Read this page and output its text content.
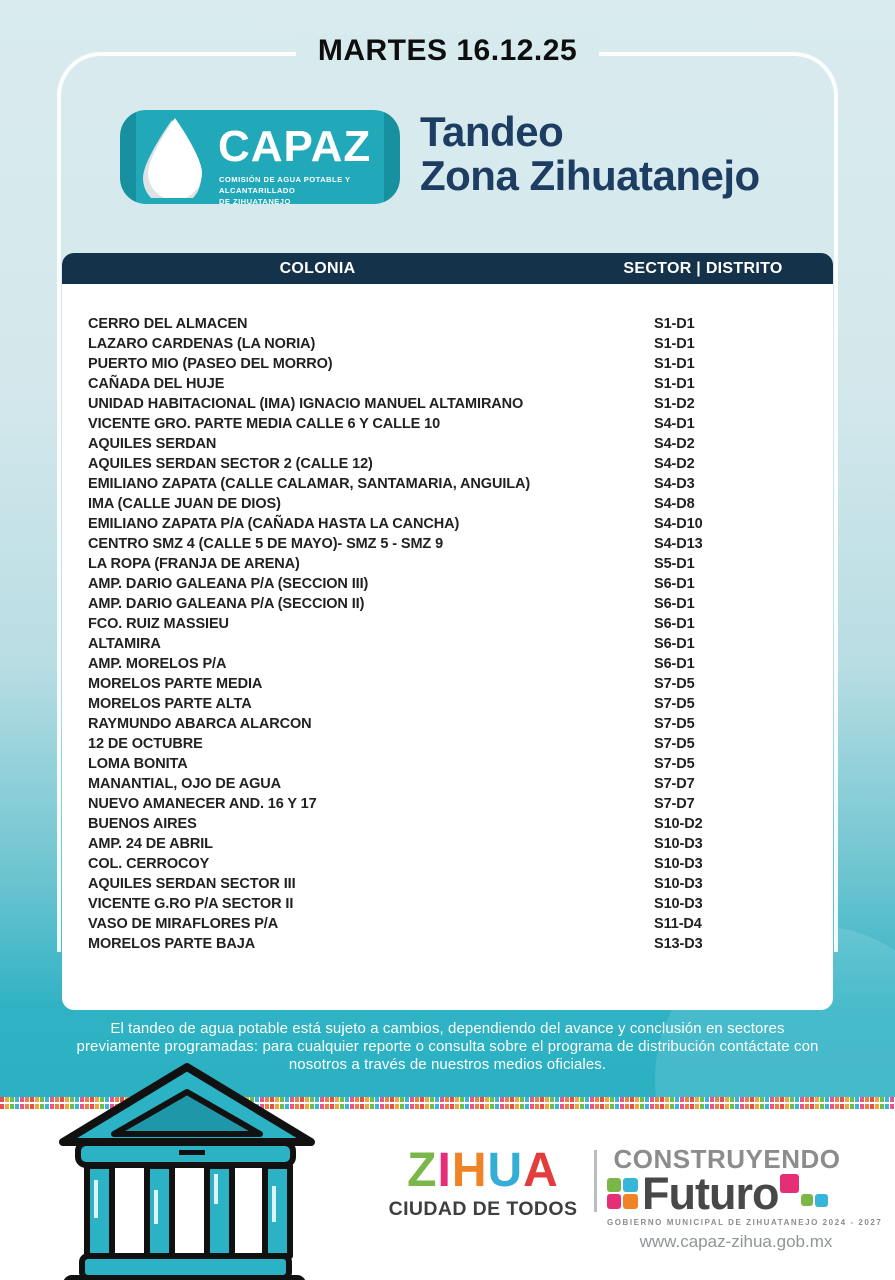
MARTES 16.12.25
CAPAZ
COMISIÓN DE AGUA POTABLE Y ALCANTARILLADO
DE ZIHUATANEJO
Tandeo
Zona Zihuatanejo
COLONIA	SECTOR | DISTRITO
CERRO DEL ALMACEN	S1-D1
LAZARO CARDENAS (LA NORIA)	S1-D1
PUERTO MIO (PASEO DEL MORRO)	S1-D1
CAÑADA DEL HUJE	S1-D1
UNIDAD HABITACIONAL (IMA) IGNACIO MANUEL ALTAMIRANO	S1-D2
VICENTE GRO. PARTE MEDIA CALLE 6 Y CALLE 10	S4-D1
AQUILES SERDAN	S4-D2
AQUILES SERDAN SECTOR 2 (CALLE 12)	S4-D2
EMILIANO ZAPATA (CALLE CALAMAR, SANTAMARIA, ANGUILA)	S4-D3
IMA (CALLE JUAN DE DIOS)	S4-D8
EMILIANO ZAPATA P/A (CAÑADA HASTA LA CANCHA)	S4-D10
CENTRO SMZ 4 (CALLE 5 DE MAYO)- SMZ 5 - SMZ 9	S4-D13
LA ROPA (FRANJA DE ARENA)	S5-D1
AMP. DARIO GALEANA P/A (SECCION III)	S6-D1
AMP. DARIO GALEANA P/A (SECCION II)	S6-D1
FCO. RUIZ MASSIEU	S6-D1
ALTAMIRA	S6-D1
AMP. MORELOS P/A	S6-D1
MORELOS PARTE MEDIA	S7-D5
MORELOS PARTE ALTA	S7-D5
RAYMUNDO ABARCA ALARCON	S7-D5
12 DE OCTUBRE	S7-D5
LOMA BONITA	S7-D5
MANANTIAL, OJO DE AGUA	S7-D7
NUEVO AMANECER AND. 16 Y 17	S7-D7
BUENOS AIRES	S10-D2
AMP. 24 DE ABRIL	S10-D3
COL. CERROCOY	S10-D3
AQUILES SERDAN SECTOR III	S10-D3
VICENTE G.RO P/A SECTOR II	S10-D3
VASO DE MIRAFLORES P/A	S11-D4
MORELOS PARTE BAJA	S13-D3
El tandeo de agua potable está sujeto a cambios, dependiendo del avance y conclusión en sectores previamente programadas: para cualquier reporte o consulta sobre el programa de distribución contáctate con nosotros a través de nuestros medios oficiales.
ZIHUA
CIUDAD DE TODOS
CONSTRUYENDO
Futuro
GOBIERNO MUNICIPAL DE ZIHUATANEJO 2024 - 2027
www.capaz-zihua.gob.mx
